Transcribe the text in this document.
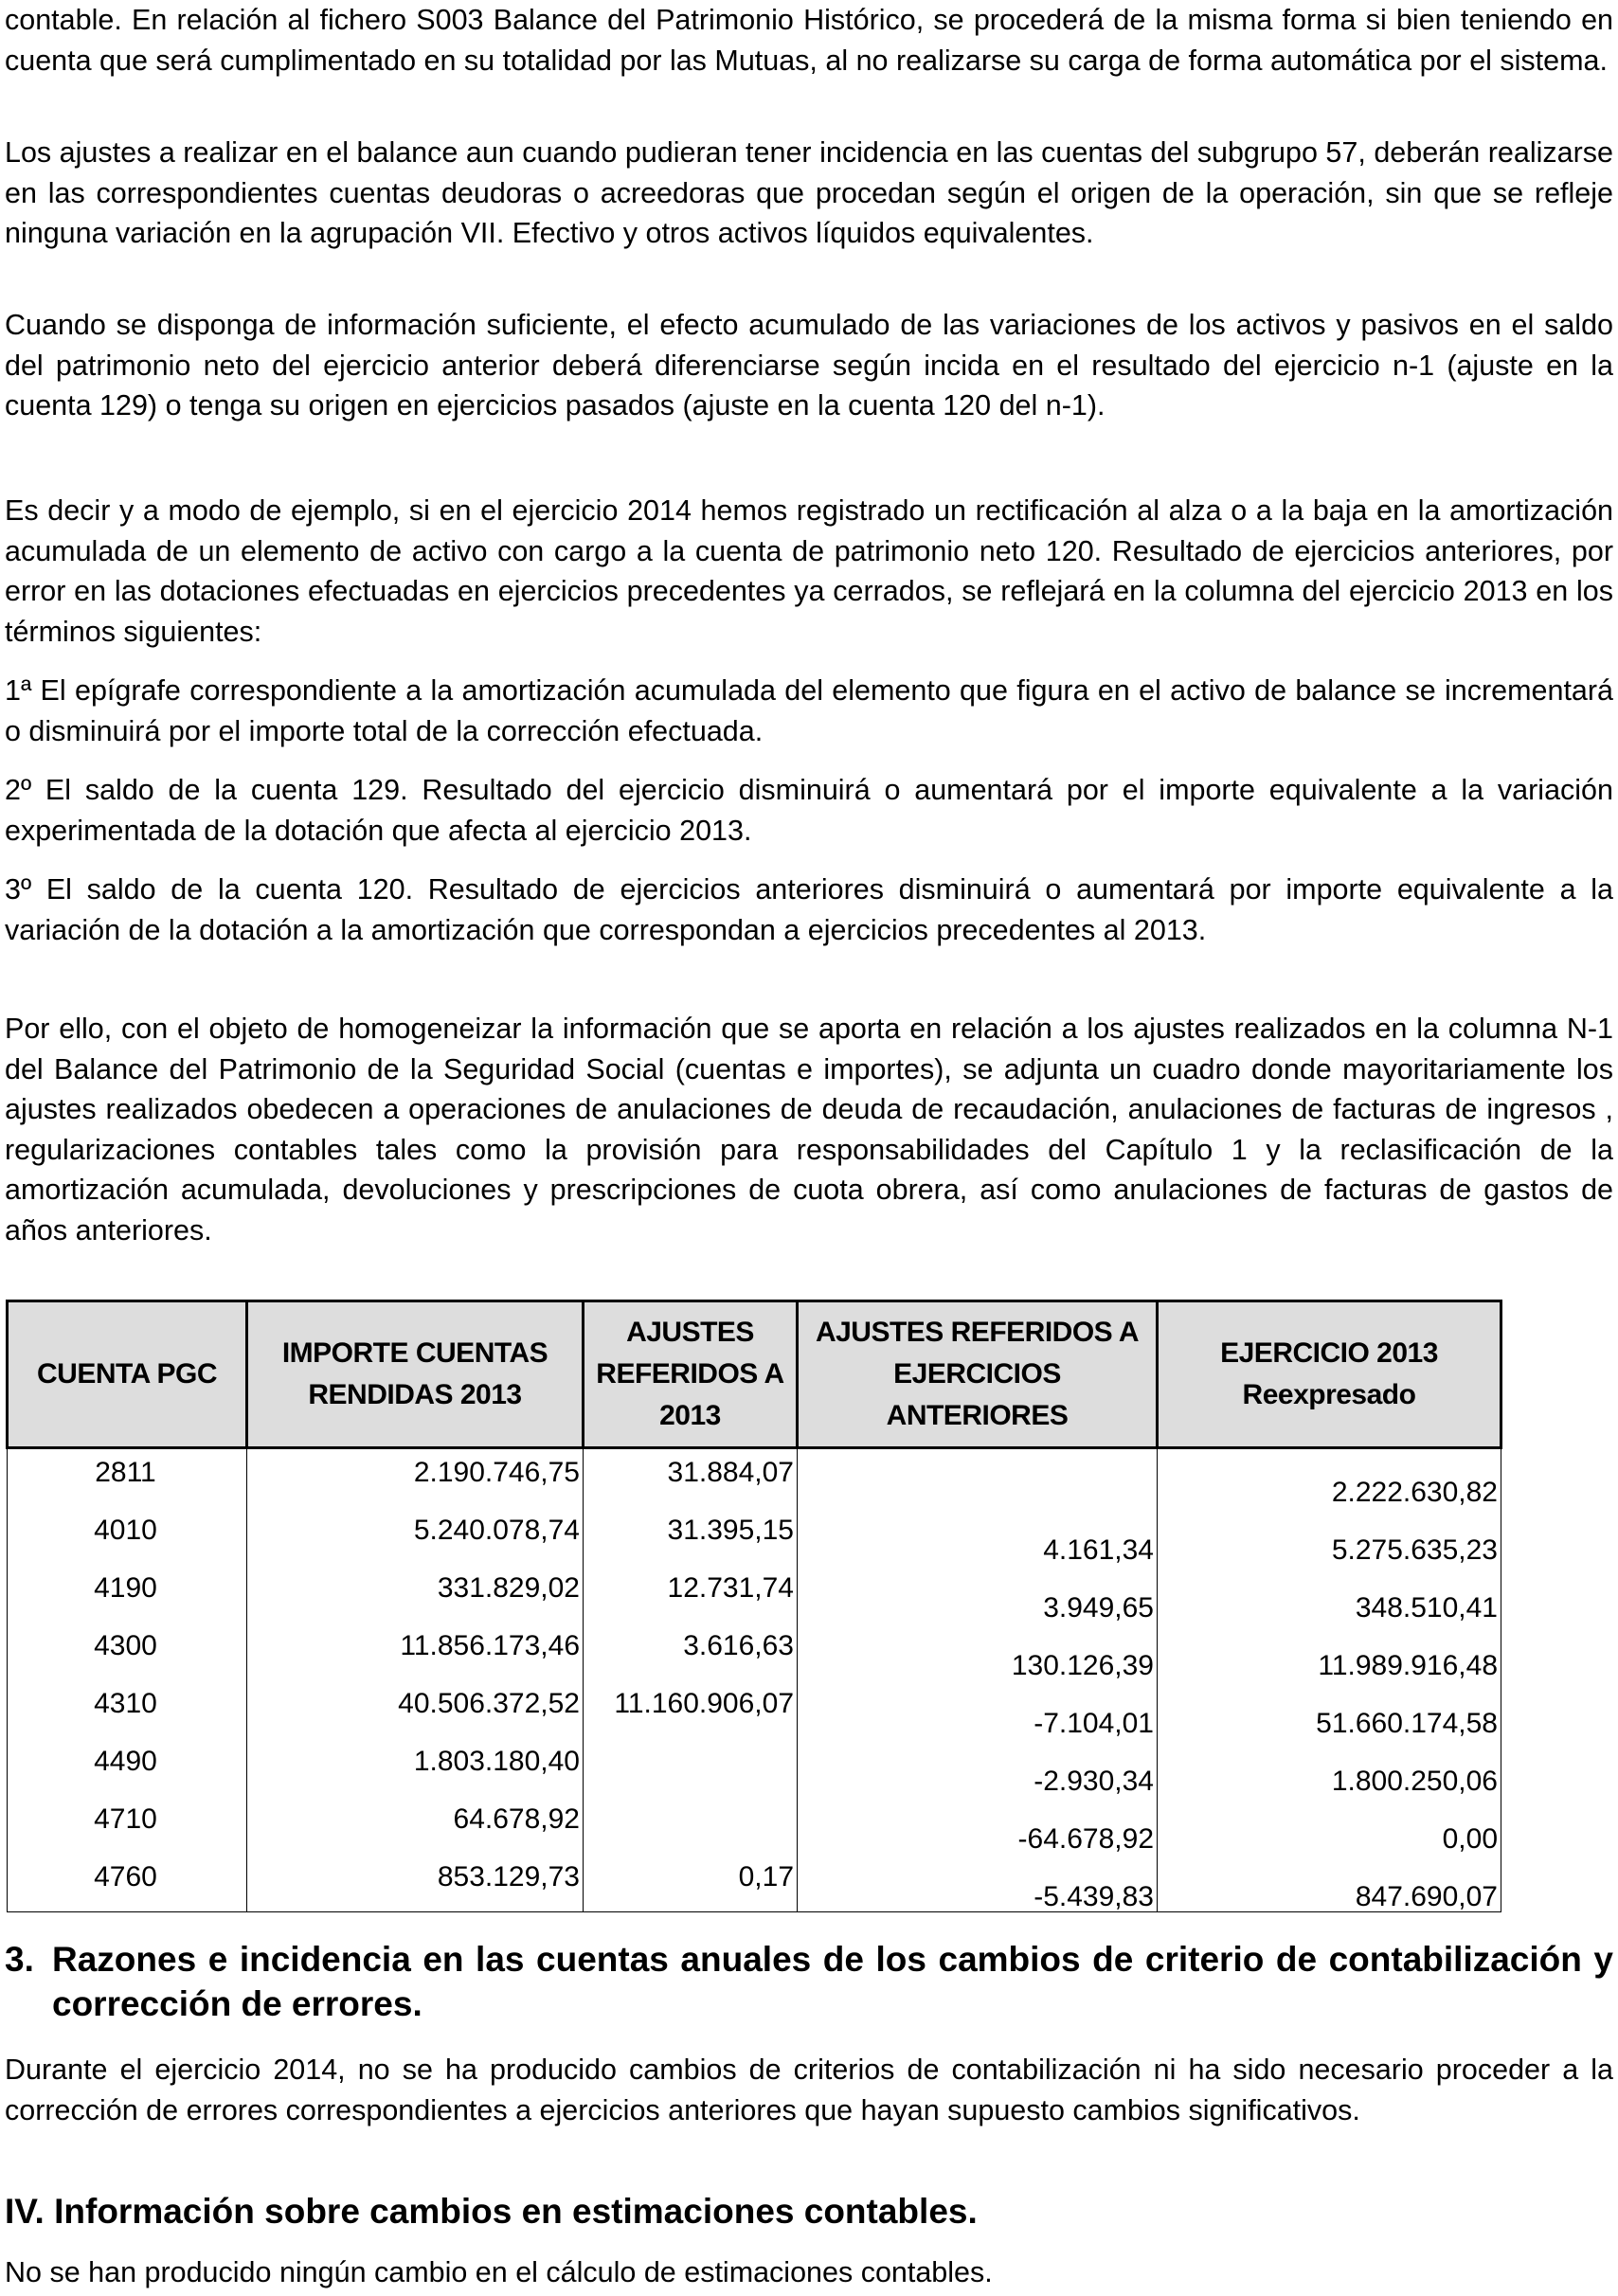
contable. En relación al fichero S003 Balance del Patrimonio Histórico, se procederá de la misma forma si bien teniendo en cuenta que será cumplimentado en su totalidad por las Mutuas, al no realizarse su carga de forma automática por el sistema.

Los ajustes a realizar en el balance aun cuando pudieran tener incidencia en las cuentas del subgrupo 57, deberán realizarse en las correspondientes cuentas deudoras o acreedoras que procedan según el origen de la operación, sin que se refleje ninguna variación en la agrupación VII. Efectivo y otros activos líquidos equivalentes.

Cuando se disponga de información suficiente, el efecto acumulado de las variaciones de los activos y pasivos en el saldo del patrimonio neto del ejercicio anterior deberá diferenciarse según incida en el resultado del ejercicio n-1 (ajuste en la cuenta 129) o tenga su origen en ejercicios pasados (ajuste en la cuenta 120 del n-1).

Es decir y a modo de ejemplo, si en el ejercicio 2014 hemos registrado un rectificación al alza o a la baja en la amortización acumulada de un elemento de activo con cargo a la cuenta de patrimonio neto 120. Resultado de ejercicios anteriores, por error en las dotaciones efectuadas en ejercicios precedentes ya cerrados, se reflejará en la columna del ejercicio 2013 en los términos siguientes:

1ª El epígrafe correspondiente a la amortización acumulada del elemento que figura en el activo de balance se incrementará o disminuirá por el importe total de la corrección efectuada.

2º El saldo de la cuenta 129. Resultado del ejercicio disminuirá o aumentará por el importe equivalente a la variación experimentada de la dotación que afecta al ejercicio 2013.

3º El saldo de la cuenta 120. Resultado de ejercicios anteriores disminuirá o aumentará por importe equivalente a la variación de la dotación a la amortización que correspondan a ejercicios precedentes al 2013.

Por ello, con el objeto de homogeneizar la información que se aporta en relación a los ajustes realizados en la columna N-1 del Balance del Patrimonio de la Seguridad Social (cuentas e importes), se adjunta un cuadro donde mayoritariamente los ajustes realizados obedecen a operaciones de anulaciones de deuda de recaudación, anulaciones de facturas de ingresos , regularizaciones contables tales como la provisión para responsabilidades del Capítulo 1 y la reclasificación de la amortización acumulada, devoluciones y prescripciones de cuota obrera, así como anulaciones de facturas de gastos de años anteriores.

CUENTA PGC	IMPORTE CUENTAS RENDIDAS 2013	AJUSTES REFERIDOS A 2013	AJUSTES REFERIDOS A EJERCICIOS ANTERIORES	EJERCICIO 2013 Reexpresado
2811	2.190.746,75	31.884,07		2.222.630,82
4010	5.240.078,74	31.395,15	4.161,34	5.275.635,23
4190	331.829,02	12.731,74	3.949,65	348.510,41
4300	11.856.173,46	3.616,63	130.126,39	11.989.916,48
4310	40.506.372,52	11.160.906,07	-7.104,01	51.660.174,58
4490	1.803.180,40		-2.930,34	1.800.250,06
4710	64.678,92		-64.678,92	0,00
4760	853.129,73	0,17	-5.439,83	847.690,07
3. Razones e incidencia en las cuentas anuales de los cambios de criterio de contabilización y corrección de errores.

Durante el ejercicio 2014, no se ha producido cambios de criterios de contabilización ni ha sido necesario proceder a la corrección de errores correspondientes a ejercicios anteriores que hayan supuesto cambios significativos.

IV. Información sobre cambios en estimaciones contables.

No se han producido ningún cambio en el cálculo de estimaciones contables.
